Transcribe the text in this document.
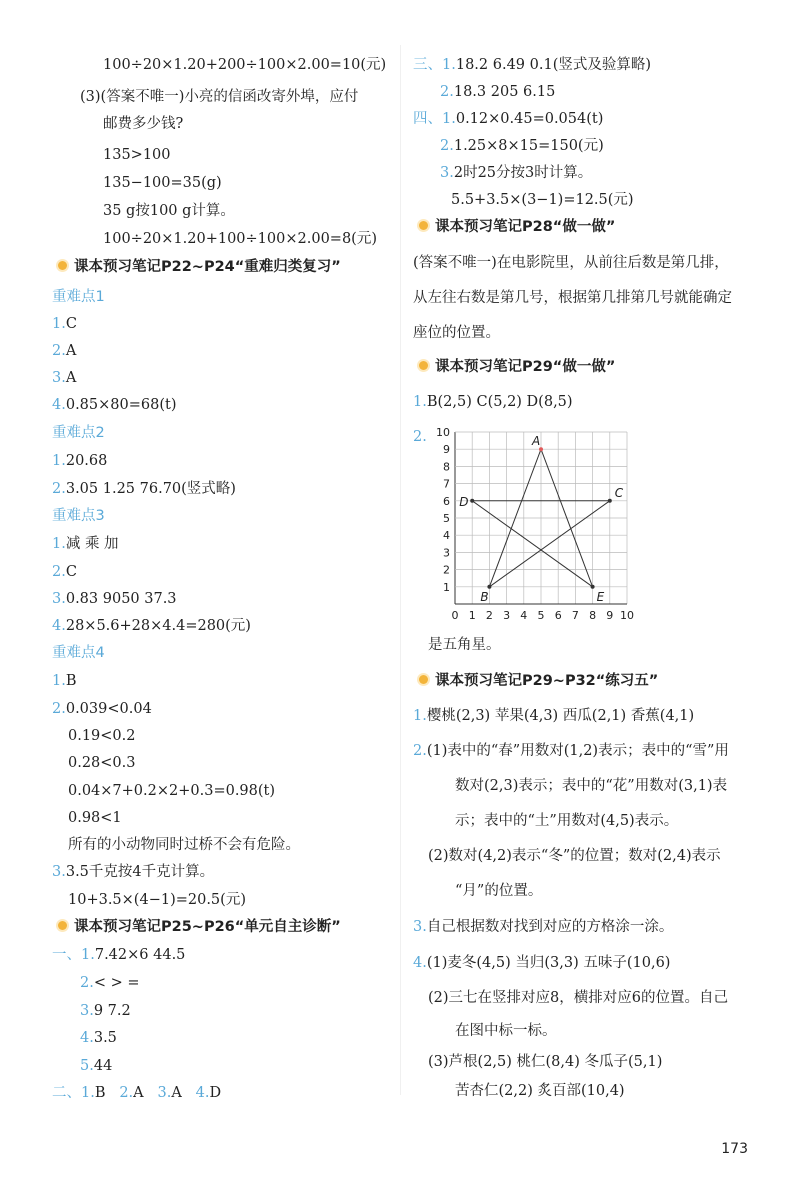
100÷20×1.20+200÷100×2.00=10(元)
(3)(答案不唯一)小亮的信函改寄外埠，应付
邮费多少钱?
135>100
135−100=35(g)
35 g按100 g计算。
100÷20×1.20+100÷100×2.00=8(元)
课本预习笔记P22~P24“重难归类复习”
重难点1
1.C
2.A
3.A
4.0.85×80=68(t)
重难点2
1.20.68
2.3.05 1.25 76.70(竖式略)
重难点3
1.减 乘 加
2.C
3.0.83 9050 37.3
4.28×5.6+28×4.4=280(元)
重难点4
1.B
2.0.039<0.04
0.19<0.2
0.28<0.3
0.04×7+0.2×2+0.3=0.98(t)
0.98<1
所有的小动物同时过桥不会有危险。
3.3.5千克按4千克计算。
10+3.5×(4−1)=20.5(元)
课本预习笔记P25~P26“单元自主诊断”
一、1.7.42×6 44.5
2.< > =
3.9 7.2
4.3.5
5.44
二、1.B 2.A 3.A 4.D
三、1.18.2 6.49 0.1(竖式及验算略)
2.18.3 205 6.15
四、1.0.12×0.45=0.054(t)
2.1.25×8×15=150(元)
3.2时25分按3时计算。
5.5+3.5×(3−1)=12.5(元)
课本预习笔记P28“做一做”
(答案不唯一)在电影院里，从前往后数是第几排，
从左往右数是第几号，根据第几排第几号就能确定
座位的位置。
课本预习笔记P29“做一做”
1.B(2,5) C(5,2) D(8,5)
2.
0 1 2 3 4 5 6 7 8 9 10
1
2
3
4
5
6
7
8
9
10
A
B
C
D
E
是五角星。
课本预习笔记P29~P32“练习五”
1.樱桃(2,3) 苹果(4,3) 西瓜(2,1) 香蕉(4,1)
2.(1)表中的“春”用数对(1,2)表示；表中的“雪”用
数对(2,3)表示；表中的“花”用数对(3,1)表
示；表中的“土”用数对(4,5)表示。
(2)数对(4,2)表示“冬”的位置；数对(2,4)表示
“月”的位置。
3.自己根据数对找到对应的方格涂一涂。
4.(1)麦冬(4,5) 当归(3,3) 五味子(10,6)
(2)三七在竖排对应8，横排对应6的位置。自己
在图中标一标。
(3)芦根(2,5) 桃仁(8,4) 冬瓜子(5,1)
苦杏仁(2,2) 炙百部(10,4)
173
